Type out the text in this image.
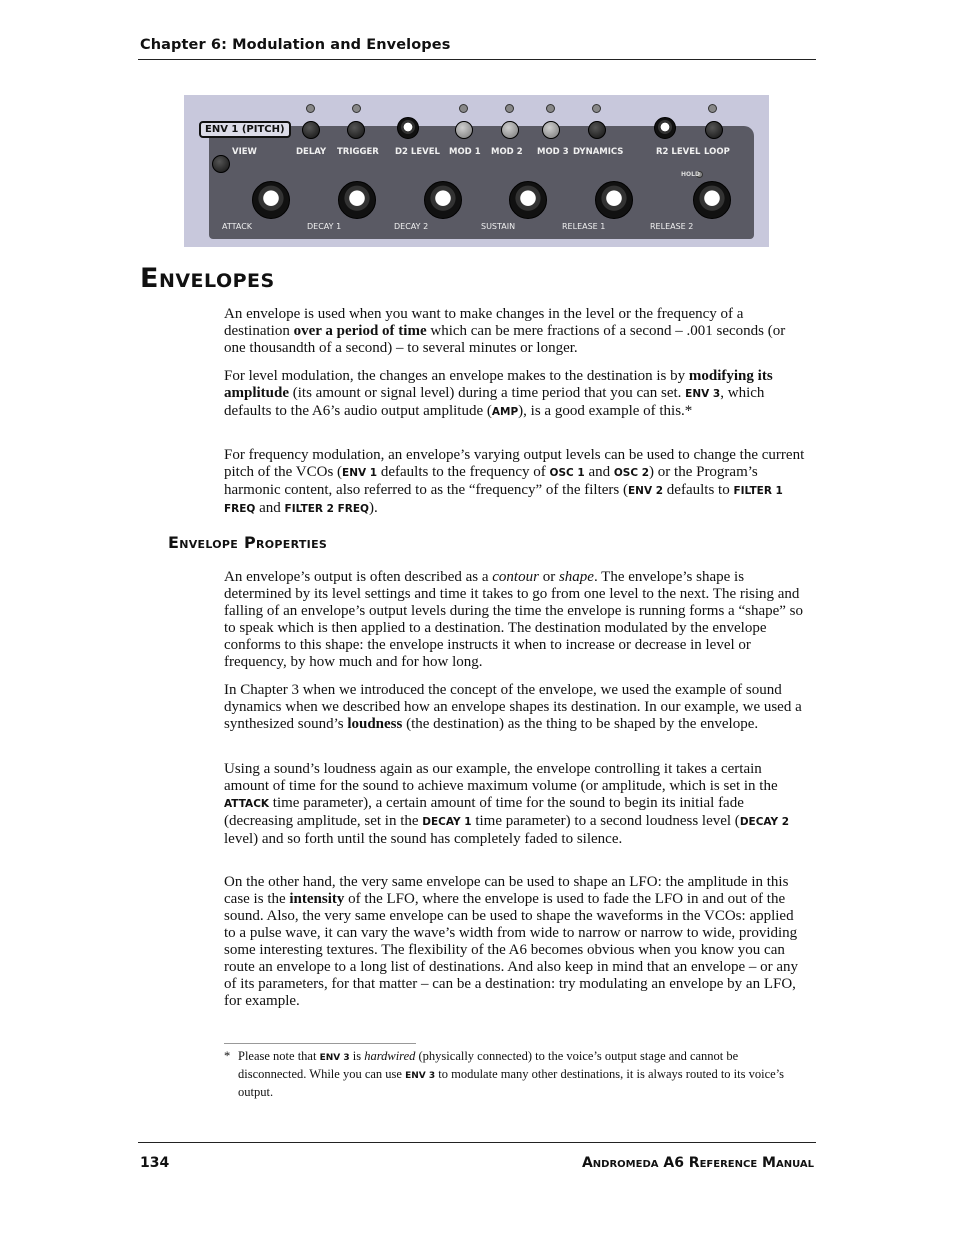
Chapter 6: Modulation and Envelopes
ENV 1 (PITCH)
VIEW	DELAY TRIGGER D2 LEVEL MOD 1 MOD 2 MOD 3 DYNAMICS	R2 LEVEL LOOP
HOLD
ATTACK	DECAY 1	DECAY 2	SUSTAIN	RELEASE 1	RELEASE 2
Envelopes

An envelope is used when you want to make changes in the level or the frequency of a destination over a period of time which can be mere fractions of a second – .001 seconds (or one thousandth of a second) – to several minutes or longer.

For level modulation, the changes an envelope makes to the destination is by modifying its amplitude (its amount or signal level) during a time period that you can set. ENV 3, which defaults to the A6’s audio output amplitude (AMP), is a good example of this.*

For frequency modulation, an envelope’s varying output levels can be used to change the current pitch of the VCOs (ENV 1 defaults to the frequency of OSC 1 and OSC 2) or the Program’s harmonic content, also referred to as the “frequency” of the filters (ENV 2 defaults to FILTER 1 FREQ and FILTER 2 FREQ).

Envelope Properties

An envelope’s output is often described as a contour or shape. The envelope’s shape is determined by its level settings and time it takes to go from one level to the next. The rising and falling of an envelope’s output levels during the time the envelope is running forms a “shape” so to speak which is then applied to a destination. The destination modulated by the envelope conforms to this shape: the envelope instructs it when to increase or decrease in level or frequency, by how much and for how long.

In Chapter 3 when we introduced the concept of the envelope, we used the example of sound dynamics when we described how an envelope shapes its destination. In our example, we used a synthesized sound’s loudness (the destination) as the thing to be shaped by the envelope.

Using a sound’s loudness again as our example, the envelope controlling it takes a certain amount of time for the sound to achieve maximum volume (or amplitude, which is set in the ATTACK time parameter), a certain amount of time for the sound to begin its initial fade (decreasing amplitude, set in the DECAY 1 time parameter) to a second loudness level (DECAY 2 level) and so forth until the sound has completely faded to silence.

On the other hand, the very same envelope can be used to shape an LFO: the amplitude in this case is the intensity of the LFO, where the envelope is used to fade the LFO in and out of the sound. Also, the very same envelope can be used to shape the waveforms in the VCOs: applied to a pulse wave, it can vary the wave’s width from wide to narrow or narrow to wide, providing some interesting textures. The flexibility of the A6 becomes obvious when you know you can route an envelope to a long list of destinations. And also keep in mind that an envelope – or any of its parameters, for that matter – can be a destination: try modulating an envelope by an LFO, for example.

* Please note that ENV 3 is hardwired (physically connected) to the voice’s output stage and cannot be disconnected. While you can use ENV 3 to modulate many other destinations, it is always routed to its voice’s output.
134	Andromeda A6 Reference Manual
